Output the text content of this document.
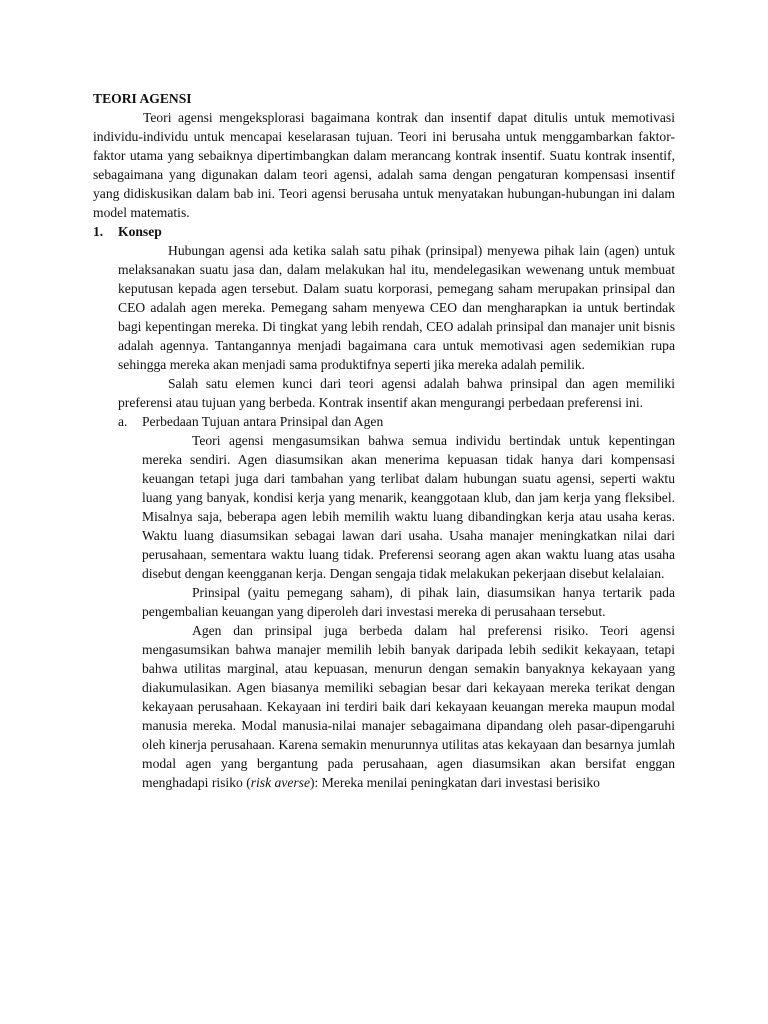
TEORI AGENSI

Teori agensi mengeksplorasi bagaimana kontrak dan insentif dapat ditulis untuk memotivasi individu-individu untuk mencapai keselarasan tujuan. Teori ini berusaha untuk menggambarkan faktor-faktor utama yang sebaiknya dipertimbangkan dalam merancang kontrak insentif. Suatu kontrak insentif, sebagaimana yang digunakan dalam teori agensi, adalah sama dengan pengaturan kompensasi insentif yang didiskusikan dalam bab ini. Teori agensi berusaha untuk menyatakan hubungan-hubungan ini dalam model matematis.

1.	Konsep

Hubungan agensi ada ketika salah satu pihak (prinsipal) menyewa pihak lain (agen) untuk melaksanakan suatu jasa dan, dalam melakukan hal itu, mendelegasikan wewenang untuk membuat keputusan kepada agen tersebut. Dalam suatu korporasi, pemegang saham merupakan prinsipal dan CEO adalah agen mereka. Pemegang saham menyewa CEO dan mengharapkan ia untuk bertindak bagi kepentingan mereka. Di tingkat yang lebih rendah, CEO adalah prinsipal dan manajer unit bisnis adalah agennya. Tantangannya menjadi bagaimana cara untuk memotivasi agen sedemikian rupa sehingga mereka akan menjadi sama produktifnya seperti jika mereka adalah pemilik.

Salah satu elemen kunci dari teori agensi adalah bahwa prinsipal dan agen memiliki preferensi atau tujuan yang berbeda. Kontrak insentif akan mengurangi perbedaan preferensi ini.

a.	Perbedaan Tujuan antara Prinsipal dan Agen

Teori agensi mengasumsikan bahwa semua individu bertindak untuk kepentingan mereka sendiri. Agen diasumsikan akan menerima kepuasan tidak hanya dari kompensasi keuangan tetapi juga dari tambahan yang terlibat dalam hubungan suatu agensi, seperti waktu luang yang banyak, kondisi kerja yang menarik, keanggotaan klub, dan jam kerja yang fleksibel. Misalnya saja, beberapa agen lebih memilih waktu luang dibandingkan kerja atau usaha keras. Waktu luang diasumsikan sebagai lawan dari usaha. Usaha manajer meningkatkan nilai dari perusahaan, sementara waktu luang tidak. Preferensi seorang agen akan waktu luang atas usaha disebut dengan keengganan kerja. Dengan sengaja tidak melakukan pekerjaan disebut kelalaian.

Prinsipal (yaitu pemegang saham), di pihak lain, diasumsikan hanya tertarik pada pengembalian keuangan yang diperoleh dari investasi mereka di perusahaan tersebut.

Agen dan prinsipal juga berbeda dalam hal preferensi risiko. Teori agensi mengasumsikan bahwa manajer memilih lebih banyak daripada lebih sedikit kekayaan, tetapi bahwa utilitas marginal, atau kepuasan, menurun dengan semakin banyaknya kekayaan yang diakumulasikan. Agen biasanya memiliki sebagian besar dari kekayaan mereka terikat dengan kekayaan perusahaan. Kekayaan ini terdiri baik dari kekayaan keuangan mereka maupun modal manusia mereka. Modal manusia-nilai manajer sebagaimana dipandang oleh pasar-dipengaruhi oleh kinerja perusahaan. Karena semakin menurunnya utilitas atas kekayaan dan besarnya jumlah modal agen yang bergantung pada perusahaan, agen diasumsikan akan bersifat enggan menghadapi risiko (risk averse): Mereka menilai peningkatan dari investasi berisiko
